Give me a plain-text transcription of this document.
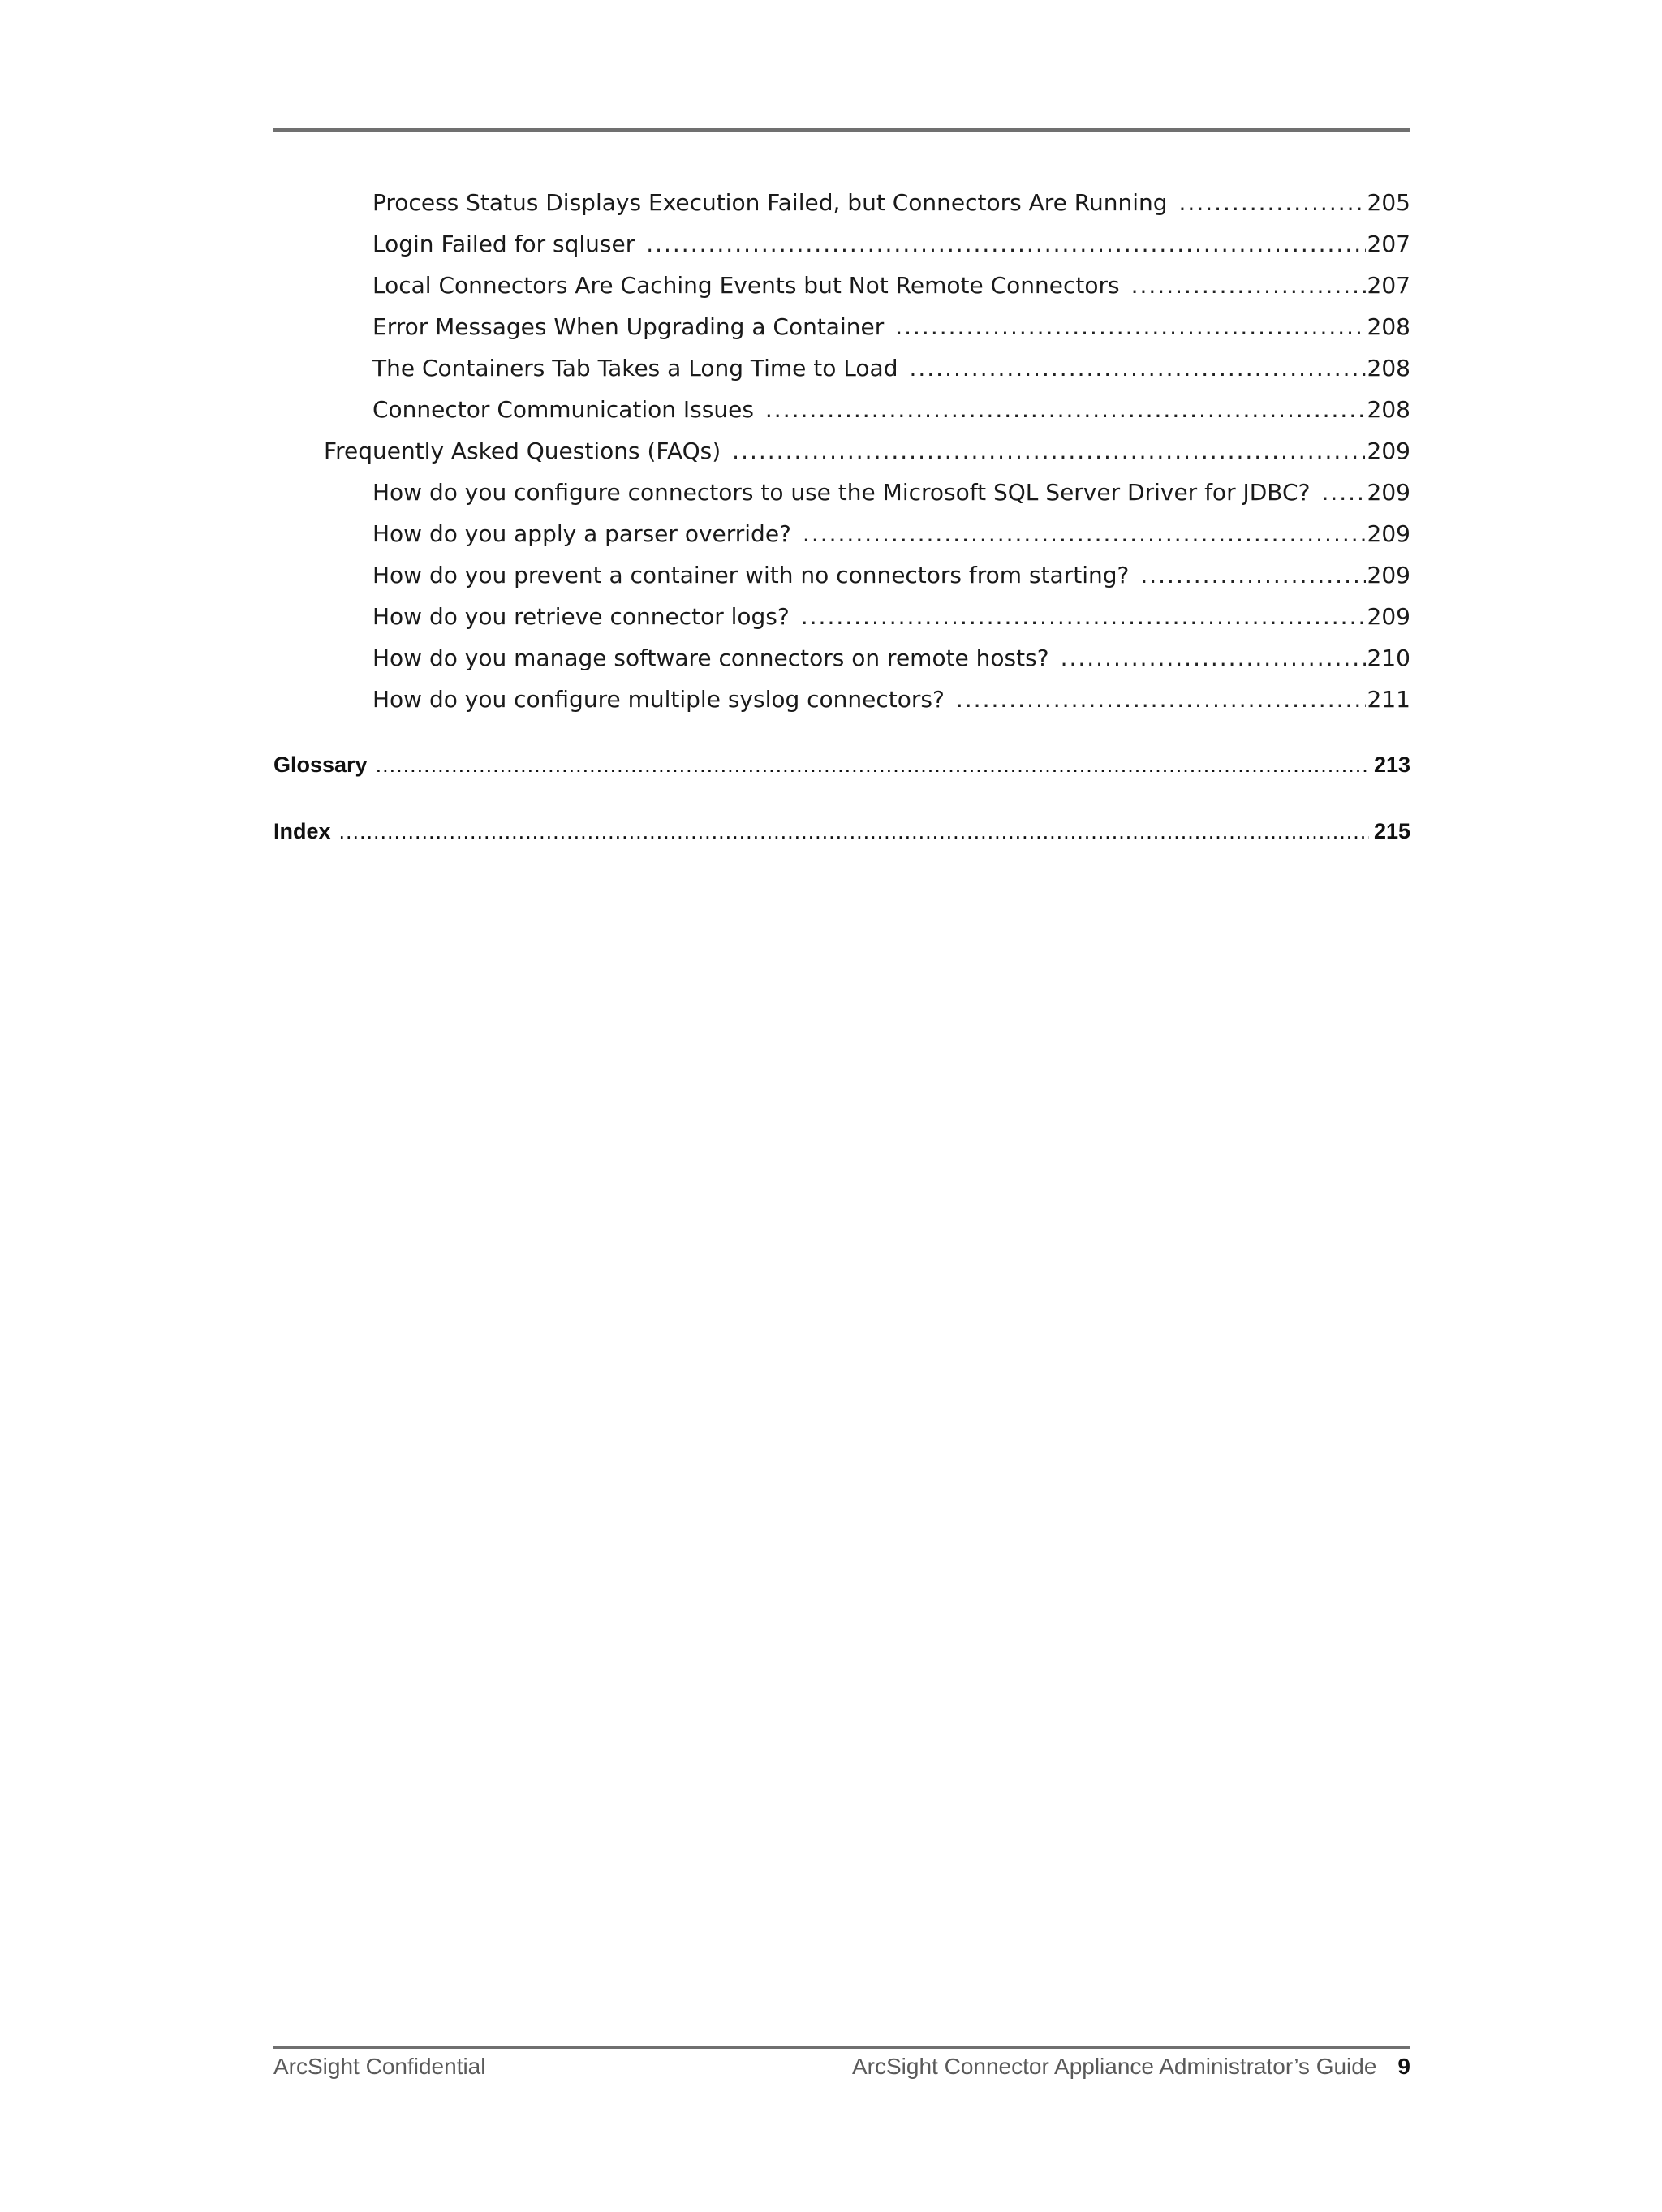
Process Status Displays Execution Failed, but Connectors Are Running .....	205
Login Failed for sqluser .....	207
Local Connectors Are Caching Events but Not Remote Connectors .....	207
Error Messages When Upgrading a Container .....	208
The Containers Tab Takes a Long Time to Load .....	208
Connector Communication Issues .....	208
Frequently Asked Questions (FAQs) .....	209
How do you configure connectors to use the Microsoft SQL Server Driver for JDBC? .....	209
How do you apply a parser override? .....	209
How do you prevent a container with no connectors from starting? .....	209
How do you retrieve connector logs? .....	209
How do you manage software connectors on remote hosts? .....	210
How do you configure multiple syslog connectors? .....	211
Glossary .....	213
Index .....	215
ArcSight Confidential	ArcSight Connector Appliance Administrator’s Guide 9
